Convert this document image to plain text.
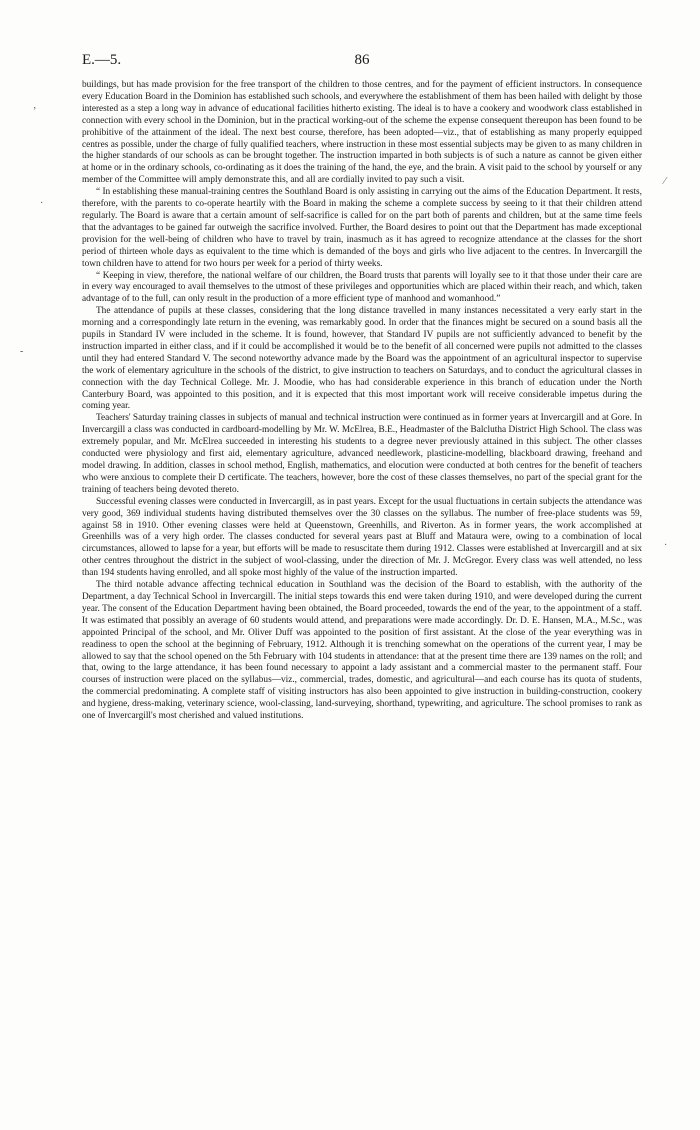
E.—5.	86
‚
·
⁄
·
-

buildings, but has made provision for the free transport of the children to those centres, and for the payment of efficient instructors. In consequence every Education Board in the Dominion has established such schools, and everywhere the establishment of them has been hailed with delight by those interested as a step a long way in advance of educational facilities hitherto existing. The ideal is to have a cookery and woodwork class established in connection with every school in the Dominion, but in the practical working-out of the scheme the expense consequent thereupon has been found to be prohibitive of the attainment of the ideal. The next best course, therefore, has been adopted—viz., that of establishing as many properly equipped centres as possible, under the charge of fully qualified teachers, where instruction in these most essential subjects may be given to as many children in the higher standards of our schools as can be brought together. The instruction imparted in both subjects is of such a nature as cannot be given either at home or in the ordinary schools, co-ordinating as it does the training of the hand, the eye, and the brain. A visit paid to the school by yourself or any member of the Committee will amply demonstrate this, and all are cordially invited to pay such a visit.

“ In establishing these manual-training centres the Southland Board is only assisting in carrying out the aims of the Education Department. It rests, therefore, with the parents to co-operate heartily with the Board in making the scheme a complete success by seeing to it that their children attend regularly. The Board is aware that a certain amount of self-sacrifice is called for on the part both of parents and children, but at the same time feels that the advantages to be gained far outweigh the sacrifice involved. Further, the Board desires to point out that the Department has made exceptional provision for the well-being of children who have to travel by train, inasmuch as it has agreed to recognize attendance at the classes for the short period of thirteen whole days as equivalent to the time which is demanded of the boys and girls who live adjacent to the centres. In Invercargill the town children have to attend for two hours per week for a period of thirty weeks.

“ Keeping in view, therefore, the national welfare of our children, the Board trusts that parents will loyally see to it that those under their care are in every way encouraged to avail themselves to the utmost of these privileges and opportunities which are placed within their reach, and which, taken advantage of to the full, can only result in the production of a more efficient type of manhood and womanhood.”

The attendance of pupils at these classes, considering that the long distance travelled in many instances necessitated a very early start in the morning and a correspondingly late return in the evening, was remarkably good. In order that the finances might be secured on a sound basis all the pupils in Standard IV were included in the scheme. It is found, however, that Standard IV pupils are not sufficiently advanced to benefit by the instruction imparted in either class, and if it could be accomplished it would be to the benefit of all concerned were pupils not admitted to the classes until they had entered Standard V. The second noteworthy advance made by the Board was the appointment of an agricultural inspector to supervise the work of elementary agriculture in the schools of the district, to give instruction to teachers on Saturdays, and to conduct the agricultural classes in connection with the day Technical College. Mr. J. Moodie, who has had considerable experience in this branch of education under the North Canterbury Board, was appointed to this position, and it is expected that this most important work will receive considerable impetus during the coming year.

Teachers' Saturday training classes in subjects of manual and technical instruction were continued as in former years at Invercargill and at Gore. In Invercargill a class was conducted in cardboard-modelling by Mr. W. McElrea, B.E., Headmaster of the Balclutha District High School. The class was extremely popular, and Mr. McElrea succeeded in interesting his students to a degree never previously attained in this subject. The other classes conducted were physiology and first aid, elementary agriculture, advanced needlework, plasticine-modelling, blackboard drawing, freehand and model drawing. In addition, classes in school method, English, mathematics, and elocution were conducted at both centres for the benefit of teachers who were anxious to complete their D certificate. The teachers, however, bore the cost of these classes themselves, no part of the special grant for the training of teachers being devoted thereto.

Successful evening classes were conducted in Invercargill, as in past years. Except for the usual fluctuations in certain subjects the attendance was very good, 369 individual students having distributed themselves over the 30 classes on the syllabus. The number of free-place students was 59, against 58 in 1910. Other evening classes were held at Queenstown, Greenhills, and Riverton. As in former years, the work accomplished at Greenhills was of a very high order. The classes conducted for several years past at Bluff and Mataura were, owing to a combination of local circumstances, allowed to lapse for a year, but efforts will be made to resuscitate them during 1912. Classes were established at Invercargill and at six other centres throughout the district in the subject of wool-classing, under the direction of Mr. J. McGregor. Every class was well attended, no less than 194 students having enrolled, and all spoke most highly of the value of the instruction imparted.

The third notable advance affecting technical education in Southland was the decision of the Board to establish, with the authority of the Department, a day Technical School in Invercargill. The initial steps towards this end were taken during 1910, and were developed during the current year. The consent of the Education Department having been obtained, the Board proceeded, towards the end of the year, to the appointment of a staff. It was estimated that possibly an average of 60 students would attend, and preparations were made accordingly. Dr. D. E. Hansen, M.A., M.Sc., was appointed Principal of the school, and Mr. Oliver Duff was appointed to the position of first assistant. At the close of the year everything was in readiness to open the school at the beginning of February, 1912. Although it is trenching somewhat on the operations of the current year, I may be allowed to say that the school opened on the 5th February with 104 students in attendance: that at the present time there are 139 names on the roll; and that, owing to the large attendance, it has been found necessary to appoint a lady assistant and a commercial master to the permanent staff. Four courses of instruction were placed on the syllabus—viz., commercial, trades, domestic, and agricultural—and each course has its quota of students, the commercial predominating. A complete staff of visiting instructors has also been appointed to give instruction in building-construction, cookery and hygiene, dress-making, veterinary science, wool-classing, land-surveying, shorthand, typewriting, and agriculture. The school promises to rank as one of Invercargill's most cherished and valued institutions.
